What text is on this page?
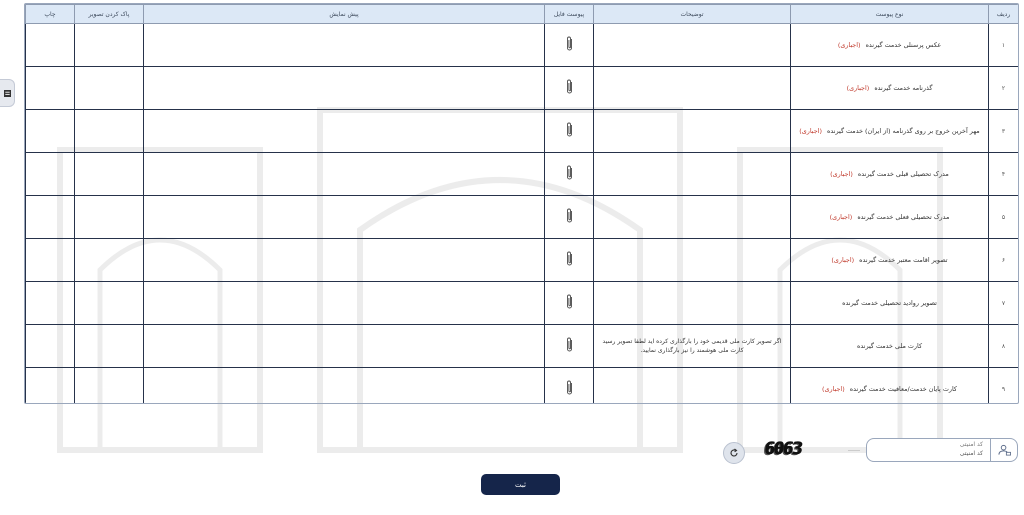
ردیف	نوع پیوست	توضیحات	پیوست فایل	پیش نمایش	پاک کردن تصویر	چاپ
۱	عکس پرسنلی خدمت گیرنده (اجباری)					
۲	گذرنامه خدمت گیرنده (اجباری)					
۳	مهر آخرین خروج بر روی گذرنامه (از ایران) خدمت گیرنده (اجباری)					
۴	مدرک تحصیلی قبلی خدمت گیرنده (اجباری)					
۵	مدرک تحصیلی فعلی خدمت گیرنده (اجباری)					
۶	تصویر اقامت معتبر خدمت گیرنده (اجباری)					
۷	تصویر روادید تحصیلی خدمت گیرنده					
۸	کارت ملی خدمت گیرنده	اگر تصویر کارت ملی قدیمی خود را بارگذاری کرده اید لطفا تصویر رسید کارت ملی هوشمند را نیز بارگذاری نمایید.				
۹	کارت پایان خدمت/معافیت خدمت گیرنده (اجباری)					
کد امنیتی
کد امنیتی
6063
ثبت
